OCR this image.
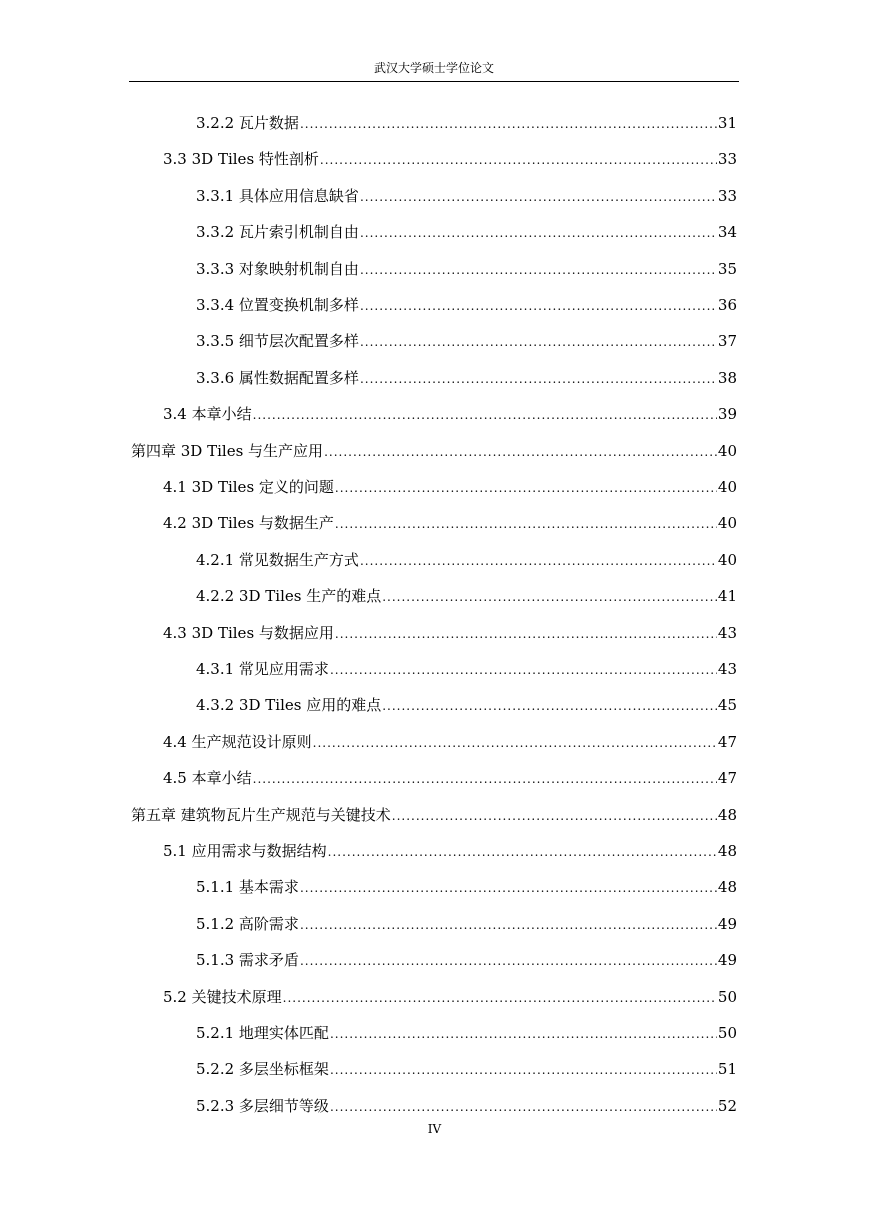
武汉大学硕士学位论文
3.2.2 瓦片数据 .....	31
3.3 3D Tiles 特性剖析 .....	33
3.3.1 具体应用信息缺省 .....	33
3.3.2 瓦片索引机制自由 .....	34
3.3.3 对象映射机制自由 .....	35
3.3.4 位置变换机制多样 .....	36
3.3.5 细节层次配置多样 .....	37
3.3.6 属性数据配置多样 .....	38
3.4 本章小结 .....	39
第四章 3D Tiles 与生产应用 .....	40
4.1 3D Tiles 定义的问题 .....	40
4.2 3D Tiles 与数据生产 .....	40
4.2.1 常见数据生产方式 .....	40
4.2.2 3D Tiles 生产的难点 .....	41
4.3 3D Tiles 与数据应用 .....	43
4.3.1 常见应用需求 .....	43
4.3.2 3D Tiles 应用的难点 .....	45
4.4 生产规范设计原则 .....	47
4.5 本章小结 .....	47
第五章 建筑物瓦片生产规范与关键技术 .....	48
5.1 应用需求与数据结构 .....	48
5.1.1 基本需求 .....	48
5.1.2 高阶需求 .....	49
5.1.3 需求矛盾 .....	49
5.2 关键技术原理 .....	50
5.2.1 地理实体匹配 .....	50
5.2.2 多层坐标框架 .....	51
5.2.3 多层细节等级 .....	52
IV
